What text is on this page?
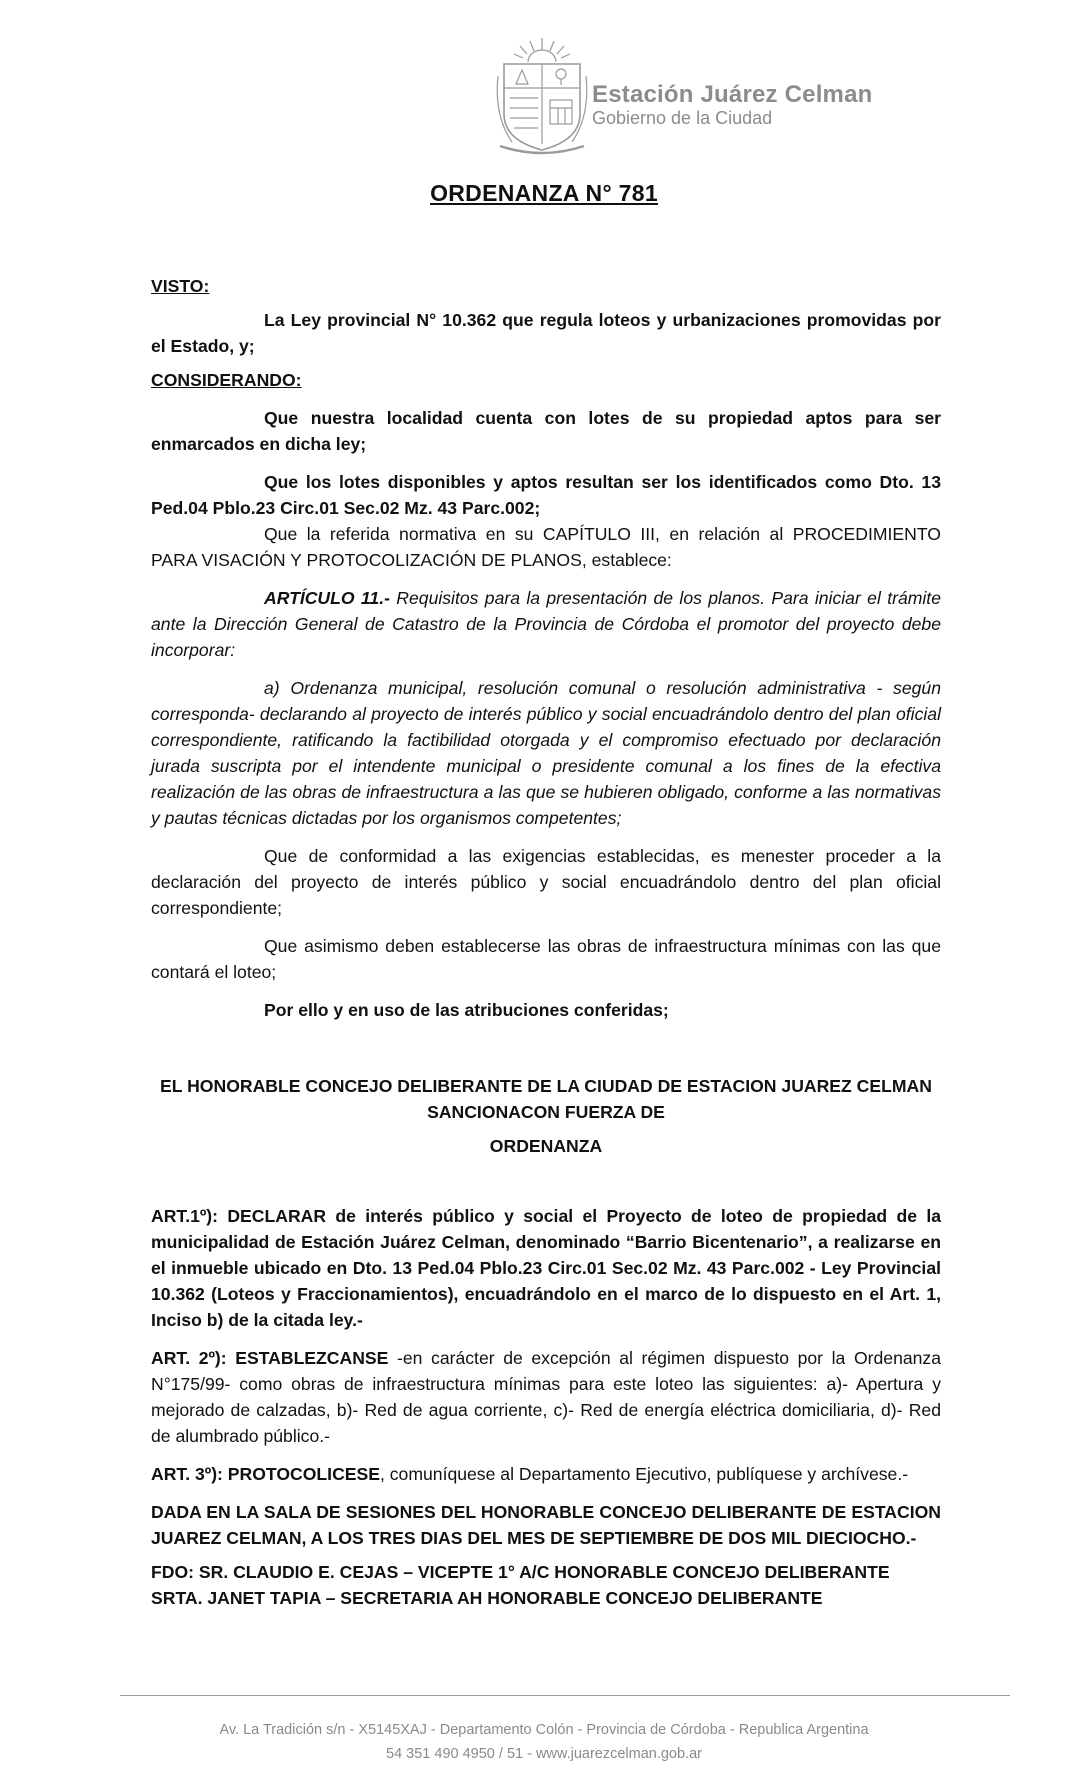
Estación Juárez Celman
Gobierno de la Ciudad
ORDENANZA N° 781

VISTO:

La Ley provincial N° 10.362 que regula loteos y urbanizaciones promovidas por el Estado, y;

CONSIDERANDO:

Que nuestra localidad cuenta con lotes de su propiedad aptos para ser enmarcados en dicha ley;

Que los lotes disponibles y aptos resultan ser los identificados como Dto. 13 Ped.04 Pblo.23 Circ.01 Sec.02 Mz. 43 Parc.002;

Que la referida normativa en su CAPÍTULO III, en relación al PROCEDIMIENTO PARA VISACIÓN Y PROTOCOLIZACIÓN DE PLANOS, establece:

ARTÍCULO 11.- Requisitos para la presentación de los planos. Para iniciar el trámite ante la Dirección General de Catastro de la Provincia de Córdoba el promotor del proyecto debe incorporar:

a) Ordenanza municipal, resolución comunal o resolución administrativa - según corresponda- declarando al proyecto de interés público y social encuadrándolo dentro del plan oficial correspondiente, ratificando la factibilidad otorgada y el compromiso efectuado por declaración jurada suscripta por el intendente municipal o presidente comunal a los fines de la efectiva realización de las obras de infraestructura a las que se hubieren obligado, conforme a las normativas y pautas técnicas dictadas por los organismos competentes;

Que de conformidad a las exigencias establecidas, es menester proceder a la declaración del proyecto de interés público y social encuadrándolo dentro del plan oficial correspondiente;

Que asimismo deben establecerse las obras de infraestructura mínimas con las que contará el loteo;

Por ello y en uso de las atribuciones conferidas;

EL HONORABLE CONCEJO DELIBERANTE DE LA CIUDAD DE ESTACION JUAREZ CELMAN

SANCIONACON FUERZA DE

ORDENANZA

ART.1º): DECLARAR de interés público y social el Proyecto de loteo de propiedad de la municipalidad de Estación Juárez Celman, denominado “Barrio Bicentenario”, a realizarse en el inmueble ubicado en Dto. 13 Ped.04 Pblo.23 Circ.01 Sec.02 Mz. 43 Parc.002 - Ley Provincial 10.362 (Loteos y Fraccionamientos), encuadrándolo en el marco de lo dispuesto en el Art. 1, Inciso b) de la citada ley.-

ART. 2º): ESTABLEZCANSE -en carácter de excepción al régimen dispuesto por la Ordenanza N°175/99- como obras de infraestructura mínimas para este loteo las siguientes: a)- Apertura y mejorado de calzadas, b)- Red de agua corriente, c)- Red de energía eléctrica domiciliaria, d)- Red de alumbrado público.-

ART. 3º): PROTOCOLICESE, comuníquese al Departamento Ejecutivo, publíquese y archívese.-

DADA EN LA SALA DE SESIONES DEL HONORABLE CONCEJO DELIBERANTE DE ESTACION JUAREZ CELMAN, A LOS TRES DIAS DEL MES DE SEPTIEMBRE DE DOS MIL DIECIOCHO.-

FDO: SR. CLAUDIO E. CEJAS – VICEPTE 1° A/C HONORABLE CONCEJO DELIBERANTE

SRTA. JANET TAPIA – SECRETARIA AH HONORABLE CONCEJO DELIBERANTE

Av. La Tradición s/n - X5145XAJ - Departamento Colón - Provincia de Córdoba - Republica Argentina
54 351 490 4950 / 51 - www.juarezcelman.gob.ar
